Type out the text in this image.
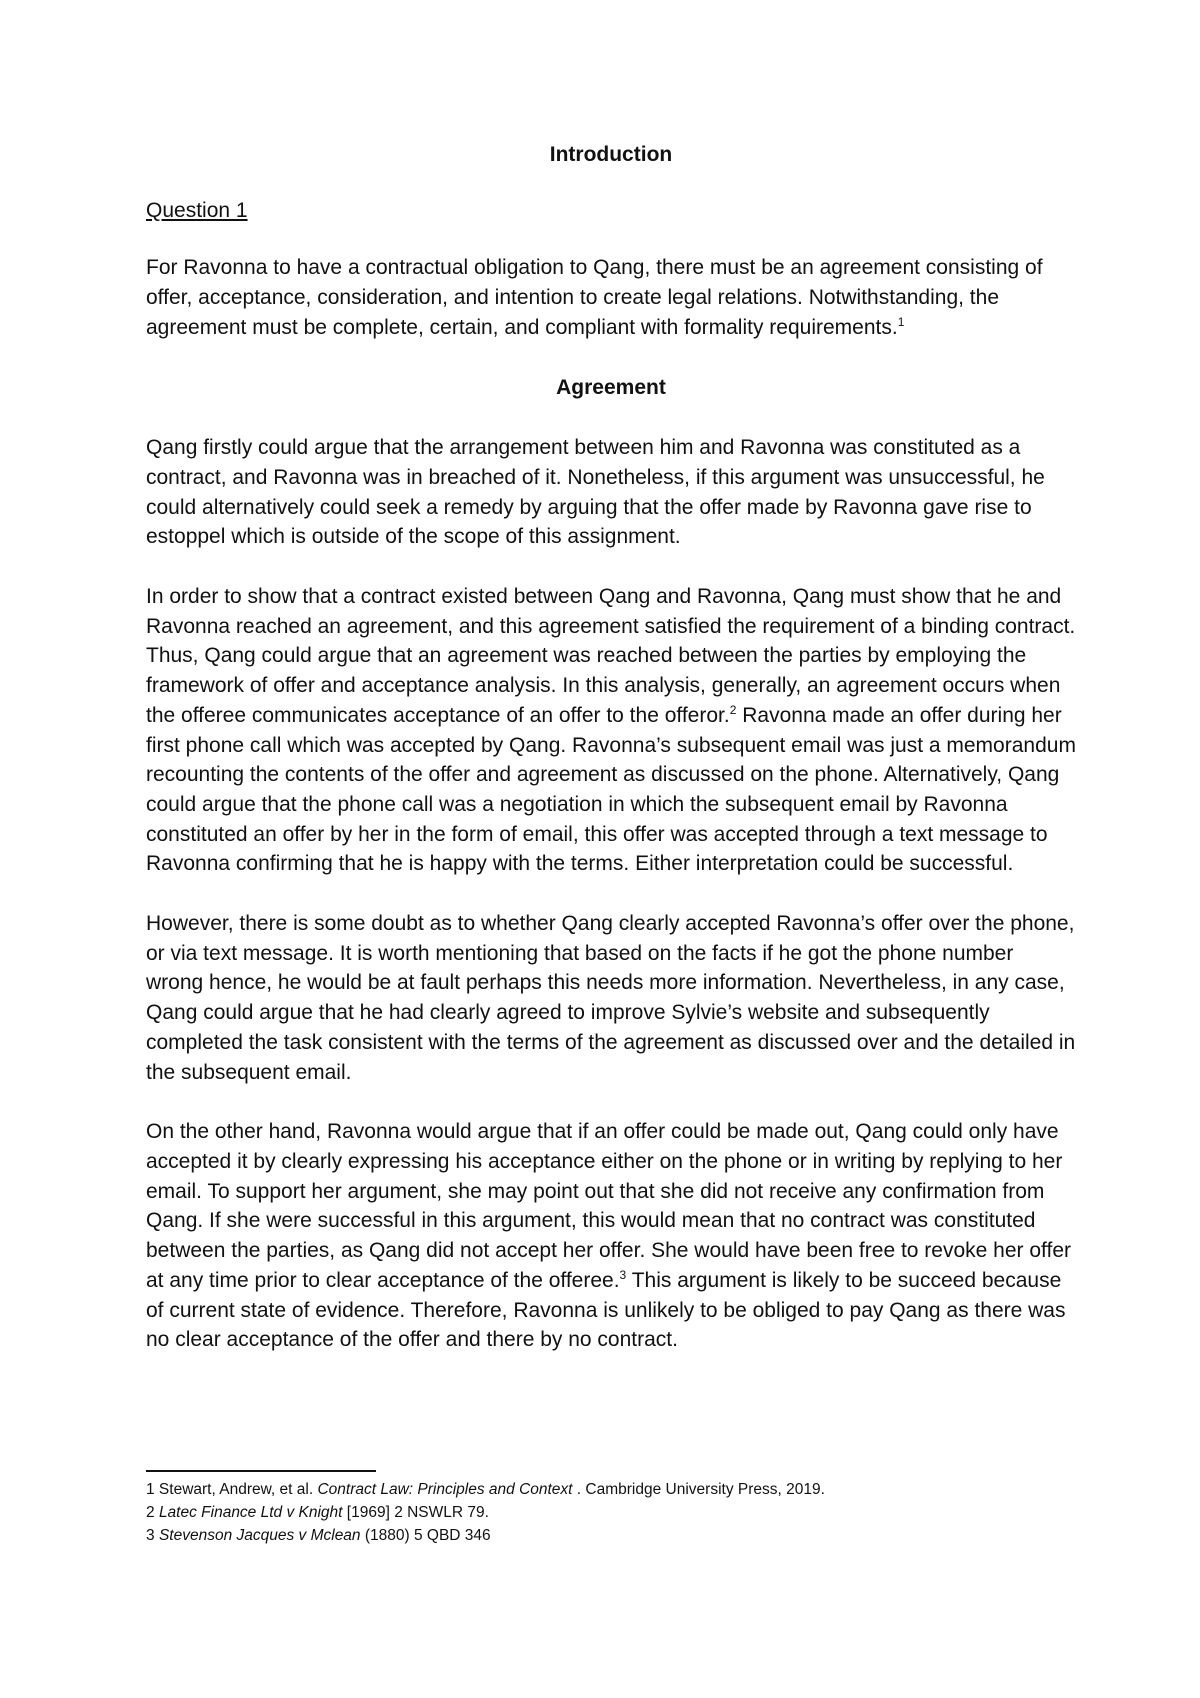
Introduction
Question 1

For Ravonna to have a contractual obligation to Qang, there must be an agreement consisting of offer, acceptance, consideration, and intention to create legal relations. Notwithstanding, the agreement must be complete, certain, and compliant with formality requirements.$^1$

Agreement

Qang firstly could argue that the arrangement between him and Ravonna was constituted as a contract, and Ravonna was in breached of it. Nonetheless, if this argument was unsuccessful, he could alternatively could seek a remedy by arguing that the offer made by Ravonna gave rise to estoppel which is outside of the scope of this assignment.

In order to show that a contract existed between Qang and Ravonna, Qang must show that he and Ravonna reached an agreement, and this agreement satisfied the requirement of a binding contract. Thus, Qang could argue that an agreement was reached between the parties by employing the framework of offer and acceptance analysis. In this analysis, generally, an agreement occurs when the offeree communicates acceptance of an offer to the offeror.$^2$ Ravonna made an offer during her first phone call which was accepted by Qang. Ravonna’s subsequent email was just a memorandum recounting the contents of the offer and agreement as discussed on the phone. Alternatively, Qang could argue that the phone call was a negotiation in which the subsequent email by Ravonna constituted an offer by her in the form of email, this offer was accepted through a text message to Ravonna confirming that he is happy with the terms. Either interpretation could be successful.

However, there is some doubt as to whether Qang clearly accepted Ravonna’s offer over the phone, or via text message. It is worth mentioning that based on the facts if he got the phone number wrong hence, he would be at fault perhaps this needs more information. Nevertheless, in any case, Qang could argue that he had clearly agreed to improve Sylvie’s website and subsequently completed the task consistent with the terms of the agreement as discussed over and the detailed in the subsequent email.

On the other hand, Ravonna would argue that if an offer could be made out, Qang could only have accepted it by clearly expressing his acceptance either on the phone or in writing by replying to her email. To support her argument, she may point out that she did not receive any confirmation from Qang. If she were successful in this argument, this would mean that no contract was constituted between the parties, as Qang did not accept her offer. She would have been free to revoke her offer at any time prior to clear acceptance of the offeree.$^3$ This argument is likely to be succeed because of current state of evidence. Therefore, Ravonna is unlikely to be obliged to pay Qang as there was no clear acceptance of the offer and there by no contract.

1 Stewart, Andrew, et al. Contract Law: Principles and Context . Cambridge University Press, 2019.
2 Latec Finance Ltd v Knight [1969] 2 NSWLR 79.
3 Stevenson Jacques v Mclean (1880) 5 QBD 346
